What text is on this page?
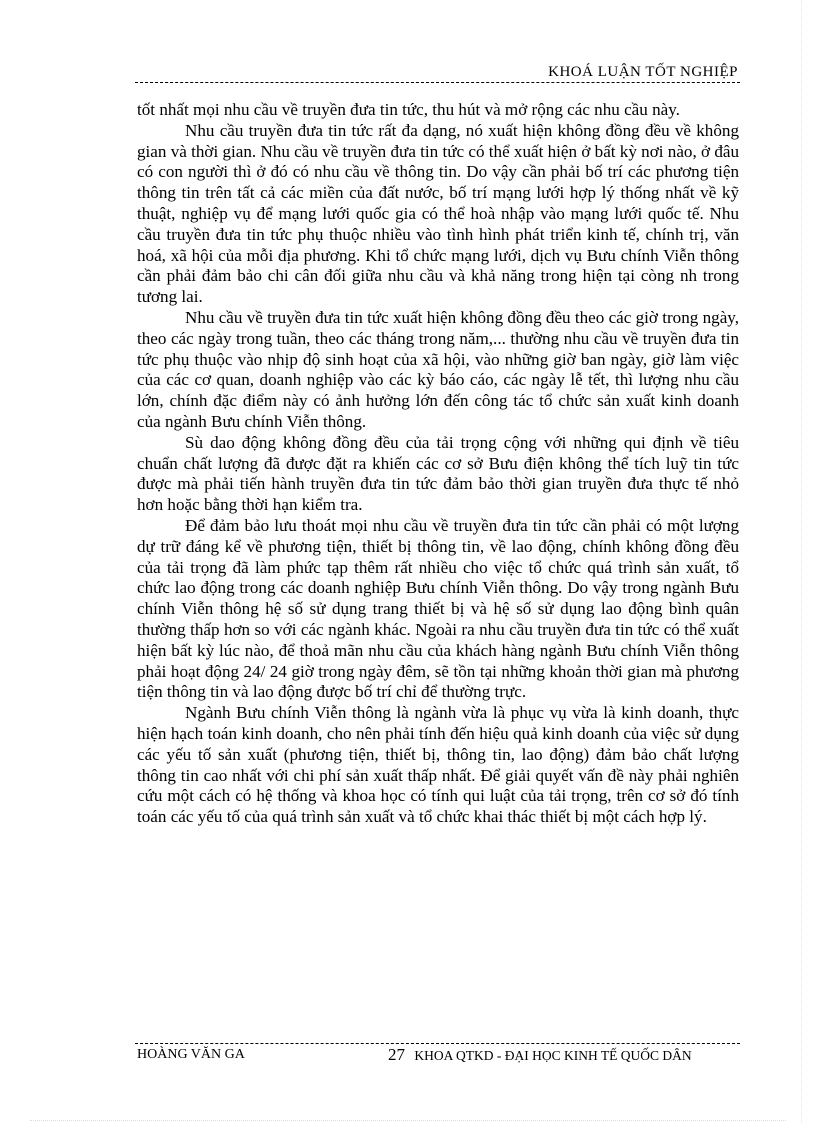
KHOÁ LUẬN TỐT NGHIỆP

tốt nhất mọi nhu cầu về truyền đưa tin tức, thu hút và mở rộng các nhu cầu này.

Nhu cầu truyền đưa tin tức rất đa dạng, nó xuất hiện không đồng đều về không gian và thời gian. Nhu cầu về truyền đưa tin tức có thể xuất hiện ở bất kỳ nơi nào, ở đâu có con người thì ở đó có nhu cầu về thông tin. Do vậy cần phải bố trí các phương tiện thông tin trên tất cả các miền của đất nước, bố trí mạng lưới hợp lý thống nhất về kỹ thuật, nghiệp vụ để mạng lưới quốc gia có thể hoà nhập vào mạng lưới quốc tế. Nhu cầu truyền đưa tin tức phụ thuộc nhiều vào tình hình phát triển kinh tế, chính trị, văn hoá, xã hội của mỗi địa phương. Khi tổ chức mạng lưới, dịch vụ Bưu chính Viễn thông cần phải đảm bảo chi cân đối giữa nhu cầu và khả năng trong hiện tại còng nh trong tương lai.

Nhu cầu về truyền đưa tin tức xuất hiện không đồng đều theo các giờ trong ngày, theo các ngày trong tuần, theo các tháng trong năm,... thường nhu cầu về truyền đưa tin tức phụ thuộc vào nhịp độ sinh hoạt của xã hội, vào những giờ ban ngày, giờ làm việc của các cơ quan, doanh nghiệp vào các kỳ báo cáo, các ngày lễ tết, thì lượng nhu cầu lớn, chính đặc điểm này có ảnh hưởng lớn đến công tác tổ chức sản xuất kinh doanh của ngành Bưu chính Viễn thông.

Sù dao động không đồng đều của tải trọng cộng với những qui định về tiêu chuẩn chất lượng đã được đặt ra khiến các cơ sở Bưu điện không thể tích luỹ tin tức được mà phải tiến hành truyền đưa tin tức đảm bảo thời gian truyền đưa thực tế nhỏ hơn hoặc bằng thời hạn kiểm tra.

Để đảm bảo lưu thoát mọi nhu cầu về truyền đưa tin tức cần phải có một lượng dự trữ đáng kể về phương tiện, thiết bị thông tin, về lao động, chính không đồng đều của tải trọng đã làm phức tạp thêm rất nhiều cho việc tổ chức quá trình sản xuất, tổ chức lao động trong các doanh nghiệp Bưu chính Viễn thông. Do vậy trong ngành Bưu chính Viễn thông hệ số sử dụng trang thiết bị và hệ số sử dụng lao động bình quân thường thấp hơn so với các ngành khác. Ngoài ra nhu cầu truyền đưa tin tức có thể xuất hiện bất kỳ lúc nào, để thoả mãn nhu cầu của khách hàng ngành Bưu chính Viễn thông phải hoạt động 24/ 24 giờ trong ngày đêm, sẽ tồn tại những khoản thời gian mà phương tiện thông tin và lao động được bố trí chỉ để thường trực.

Ngành Bưu chính Viễn thông là ngành vừa là phục vụ vừa là kinh doanh, thực hiện hạch toán kinh doanh, cho nên phải tính đến hiệu quả kinh doanh của việc sử dụng các yếu tố sản xuất (phương tiện, thiết bị, thông tin, lao động) đảm bảo chất lượng thông tin cao nhất với chi phí sản xuất thấp nhất. Để giải quyết vấn đề này phải nghiên cứu một cách có hệ thống và khoa học có tính qui luật của tải trọng, trên cơ sở đó tính toán các yếu tố của quá trình sản xuất và tổ chức khai thác thiết bị một cách hợp lý.

HOÀNG VĂN GA	27 KHOA QTKD - ĐẠI HỌC KINH TẾ QUỐC DÂN
